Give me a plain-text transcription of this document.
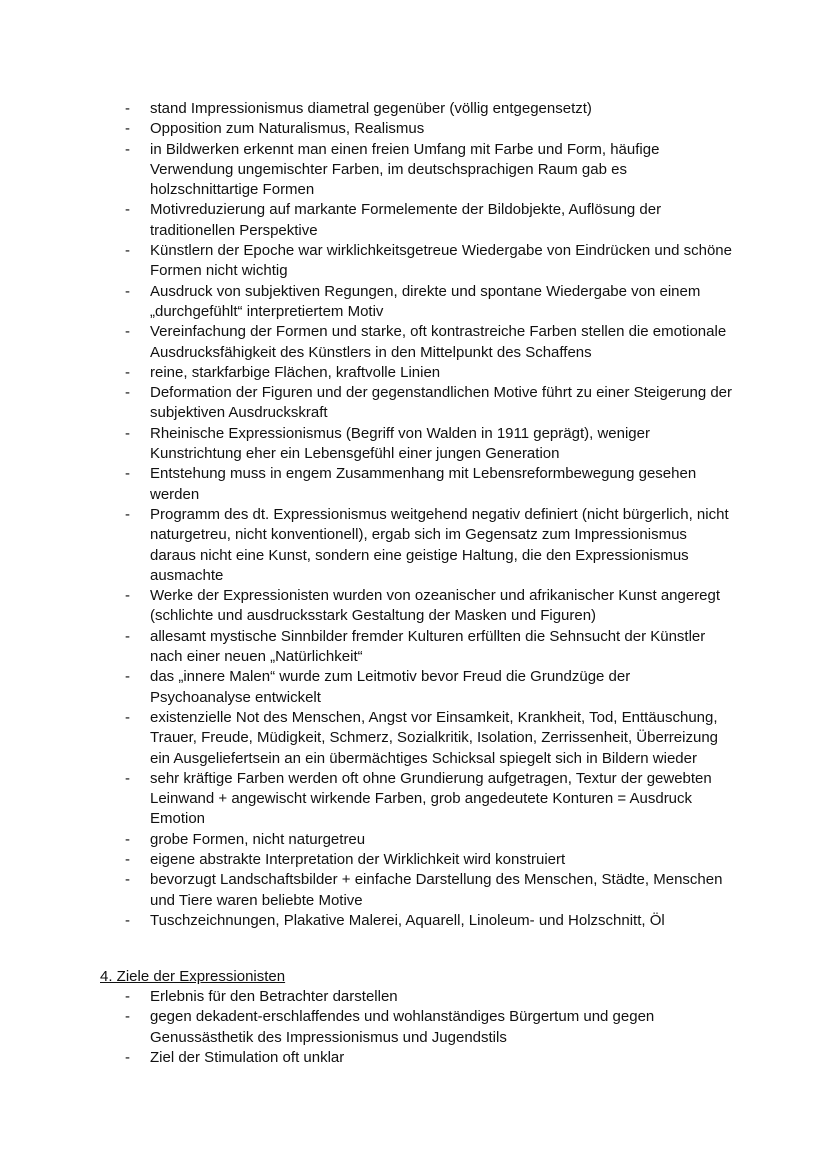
- stand Impressionismus diametral gegenüber (völlig entgegensetzt)
- Opposition zum Naturalismus, Realismus
- in Bildwerken erkennt man einen freien Umfang mit Farbe und Form, häufige Verwendung ungemischter Farben, im deutschsprachigen Raum gab es holzschnittartige Formen
- Motivreduzierung auf markante Formelemente der Bildobjekte, Auflösung der traditionellen Perspektive
- Künstlern der Epoche war wirklichkeitsgetreue Wiedergabe von Eindrücken und schöne Formen nicht wichtig
- Ausdruck von subjektiven Regungen, direkte und spontane Wiedergabe von einem „durchgefühlt“ interpretiertem Motiv
- Vereinfachung der Formen und starke, oft kontrastreiche Farben stellen die emotionale Ausdrucksfähigkeit des Künstlers in den Mittelpunkt des Schaffens
- reine, starkfarbige Flächen, kraftvolle Linien
- Deformation der Figuren und der gegenstandlichen Motive führt zu einer Steigerung der subjektiven Ausdruckskraft
- Rheinische Expressionismus (Begriff von Walden in 1911 geprägt), weniger Kunstrichtung eher ein Lebensgefühl einer jungen Generation
- Entstehung muss in engem Zusammenhang mit Lebensreformbewegung gesehen werden
- Programm des dt. Expressionismus weitgehend negativ definiert (nicht bürgerlich, nicht naturgetreu, nicht konventionell), ergab sich im Gegensatz zum Impressionismus daraus nicht eine Kunst, sondern eine geistige Haltung, die den Expressionismus ausmachte
- Werke der Expressionisten wurden von ozeanischer und afrikanischer Kunst angeregt (schlichte und ausdrucksstark Gestaltung der Masken und Figuren)
- allesamt mystische Sinnbilder fremder Kulturen erfüllten die Sehnsucht der Künstler nach einer neuen „Natürlichkeit“
- das „innere Malen“ wurde zum Leitmotiv bevor Freud die Grundzüge der Psychoanalyse entwickelt
- existenzielle Not des Menschen, Angst vor Einsamkeit, Krankheit, Tod, Enttäuschung, Trauer, Freude, Müdigkeit, Schmerz, Sozialkritik, Isolation, Zerrissenheit, Überreizung ein Ausgeliefertsein an ein übermächtiges Schicksal spiegelt sich in Bildern wieder
- sehr kräftige Farben werden oft ohne Grundierung aufgetragen, Textur der gewebten Leinwand + angewischt wirkende Farben, grob angedeutete Konturen = Ausdruck Emotion
- grobe Formen, nicht naturgetreu
- eigene abstrakte Interpretation der Wirklichkeit wird konstruiert
- bevorzugt Landschaftsbilder + einfache Darstellung des Menschen, Städte, Menschen und Tiere waren beliebte Motive
- Tuschzeichnungen, Plakative Malerei, Aquarell, Linoleum- und Holzschnitt, Öl
4. Ziele der Expressionisten
- Erlebnis für den Betrachter darstellen
- gegen dekadent-erschlaffendes und wohlanständiges Bürgertum und gegen Genussästhetik des Impressionismus und Jugendstils
- Ziel der Stimulation oft unklar
